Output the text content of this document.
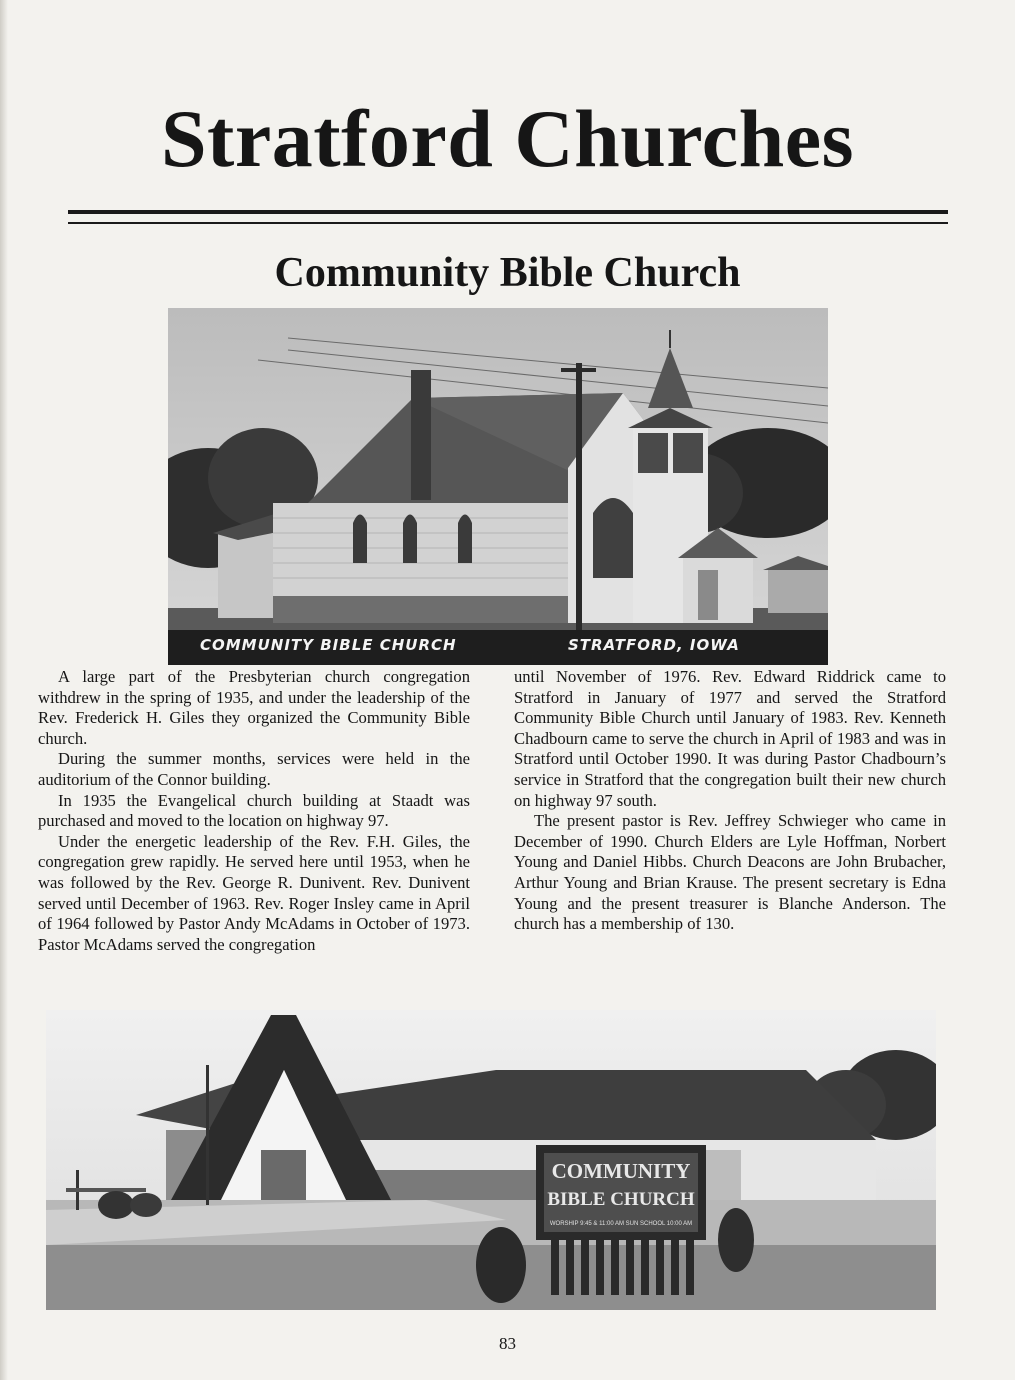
Stratford Churches
Community Bible Church
COMMUNITY BIBLE CHURCH	STRATFORD, IOWA

A large part of the Presbyterian church congregation withdrew in the spring of 1935, and under the leadership of the Rev. Frederick H. Giles they organized the Community Bible church.

During the summer months, services were held in the auditorium of the Connor building.

In 1935 the Evangelical church building at Staadt was purchased and moved to the location on highway 97.

Under the energetic leadership of the Rev. F.H. Giles, the congregation grew rapidly. He served here until 1953, when he was followed by the Rev. George R. Dunivent. Rev. Dunivent served until December of 1963. Rev. Roger Insley came in April of 1964 followed by Pastor Andy McAdams in October of 1973. Pastor McAdams served the congregation

until November of 1976. Rev. Edward Riddrick came to Stratford in January of 1977 and served the Stratford Community Bible Church until January of 1983. Rev. Kenneth Chadbourn came to serve the church in April of 1983 and was in Stratford until October 1990. It was during Pastor Chadbourn’s service in Stratford that the congregation built their new church on highway 97 south.

The present pastor is Rev. Jeffrey Schwieger who came in December of 1990. Church Elders are Lyle Hoffman, Norbert Young and Daniel Hibbs. Church Deacons are John Brubacher, Arthur Young and Brian Krause. The present secretary is Edna Young and the present treasurer is Blanche Anderson. The church has a membership of 130.

COMMUNITY
BIBLE CHURCH
WORSHIP 9:45 & 11:00 AM SUN SCHOOL 10:00 AM
83
